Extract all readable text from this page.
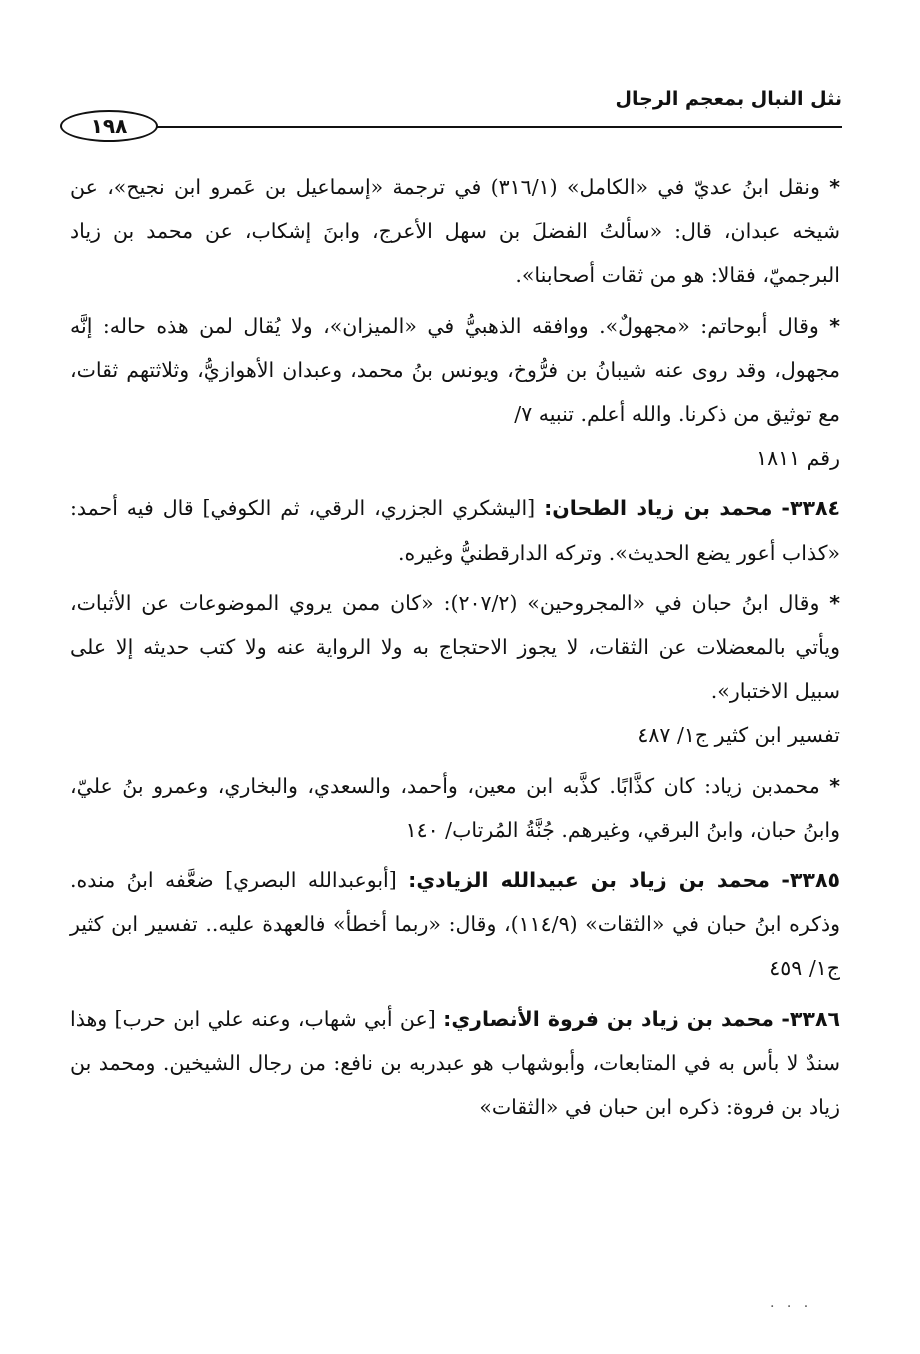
نثل النبال بمعجم الرجال
١٩٨

* ونقل ابنُ عديّ في «الكامل» (٣١٦/١) في ترجمة «إسماعيل بن عَمرو ابن نجيح»، عن شيخه عبدان، قال: «سألتُ الفضلَ بن سهل الأعرج، وابنَ إشكاب، عن محمد بن زياد البرجميّ، فقالا: هو من ثقات أصحابنا».

* وقال أبوحاتم: «مجهولٌ». ووافقه الذهبيُّ في «الميزان»، ولا يُقال لمن هذه حاله: إنَّه مجهول، وقد روى عنه شيبانُ بن فرُّوخ، ويونس بنُ محمد، وعبدان الأهوازيُّ، وثلاثتهم ثقات، مع توثيق من ذكرنا. والله أعلم. تنبيه ٧/
رقم ١٨١١

٣٣٨٤- محمد بن زياد الطحان: [اليشكري الجزري، الرقي، ثم الكوفي] قال فيه أحمد: «كذاب أعور يضع الحديث». وتركه الدارقطنيُّ وغيره.

* وقال ابنُ حبان في «المجروحين» (٢٠٧/٢): «كان ممن يروي الموضوعات عن الأثبات، ويأتي بالمعضلات عن الثقات، لا يجوز الاحتجاج به ولا الرواية عنه ولا كتب حديثه إلا على سبيل الاختبار».
تفسير ابن كثير ج١/ ٤٨٧

* محمدبن زياد: كان كذَّابًا. كذَّبه ابن معين، وأحمد، والسعدي، والبخاري، وعمرو بنُ عليّ، وابنُ حبان، وابنُ البرقي، وغيرهم. جُنَّةُ المُرتاب/ ١٤٠

٣٣٨٥- محمد بن زياد بن عبيدالله الزيادي: [أبوعبدالله البصري] ضعَّفه ابنُ منده. وذكره ابنُ حبان في «الثقات» (١١٤/٩)، وقال: «ربما أخطأ» فالعهدة عليه.. تفسير ابن كثير ج١/ ٤٥٩

٣٣٨٦- محمد بن زياد بن فروة الأنصاري: [عن أبي شهاب، وعنه علي ابن حرب] وهذا سندٌ لا بأس به في المتابعات، وأبوشهاب هو عبدربه بن نافع: من رجال الشيخين. ومحمد بن زياد بن فروة: ذكره ابن حبان في «الثقات»

. . .
